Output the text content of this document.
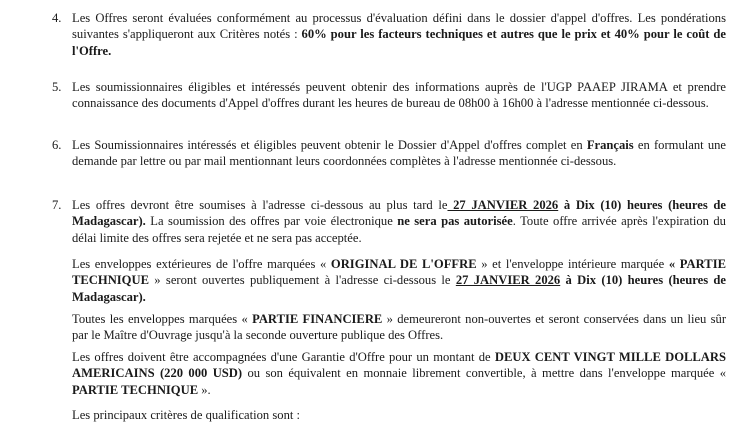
4. Les Offres seront évaluées conformément au processus d'évaluation défini dans le dossier d'appel d'offres. Les pondérations suivantes s'appliqueront aux Critères notés : 60% pour les facteurs techniques et autres que le prix et 40% pour le coût de l'Offre.
5. Les soumissionnaires éligibles et intéressés peuvent obtenir des informations auprès de l'UGP PAAEP JIRAMA et prendre connaissance des documents d'Appel d'offres durant les heures de bureau de 08h00 à 16h00 à l'adresse mentionnée ci-dessous.
6. Les Soumissionnaires intéressés et éligibles peuvent obtenir le Dossier d'Appel d'offres complet en Français en formulant une demande par lettre ou par mail mentionnant leurs coordonnées complètes à l'adresse mentionnée ci-dessous.
7. Les offres devront être soumises à l'adresse ci-dessous au plus tard le 27 JANVIER 2026 à Dix (10) heures (heures de Madagascar). La soumission des offres par voie électronique ne sera pas autorisée. Toute offre arrivée après l'expiration du délai limite des offres sera rejetée et ne sera pas acceptée.
Les enveloppes extérieures de l'offre marquées « ORIGINAL DE L'OFFRE » et l'enveloppe intérieure marquée « PARTIE TECHNIQUE » seront ouvertes publiquement à l'adresse ci-dessous le 27 JANVIER 2026 à Dix (10) heures (heures de Madagascar).
Toutes les enveloppes marquées « PARTIE FINANCIERE » demeureront non-ouvertes et seront conservées dans un lieu sûr par le Maître d'Ouvrage jusqu'à la seconde ouverture publique des Offres.
Les offres doivent être accompagnées d'une Garantie d'Offre pour un montant de DEUX CENT VINGT MILLE DOLLARS AMERICAINS (220 000 USD) ou son équivalent en monnaie librement convertible, à mettre dans l'enveloppe marquée « PARTIE TECHNIQUE ».
Les principaux critères de qualification sont :
